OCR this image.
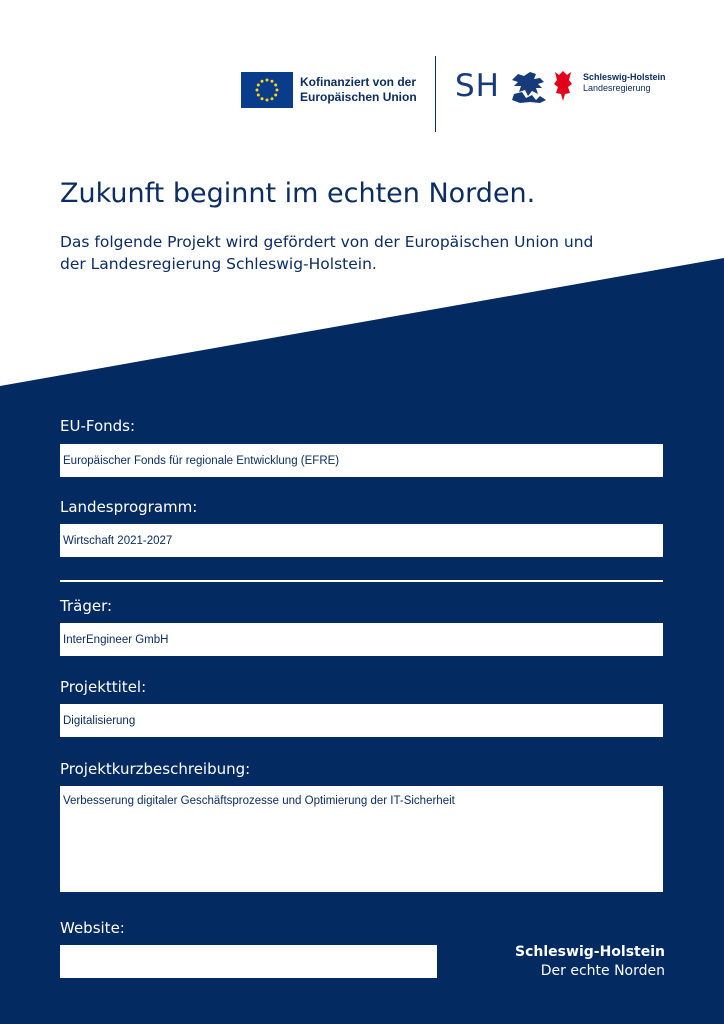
Kofinanziert von der
Europäischen Union SH	Schleswig-Holstein
Landesregierung
Zukunft beginnt im echten Norden.
Das folgende Projekt wird gefördert von der Europäischen Union und der Landesregierung Schleswig-Holstein.
EU-Fonds:
Europäischer Fonds für regionale Entwicklung (EFRE)
Landesprogramm:
Wirtschaft 2021-2027
Träger:
InterEngineer GmbH
Projekttitel:
Digitalisierung
Projektkurzbeschreibung:
Verbesserung digitaler Geschäftsprozesse und Optimierung der IT-Sicherheit
Website:
Schleswig-Holstein
Der echte Norden
